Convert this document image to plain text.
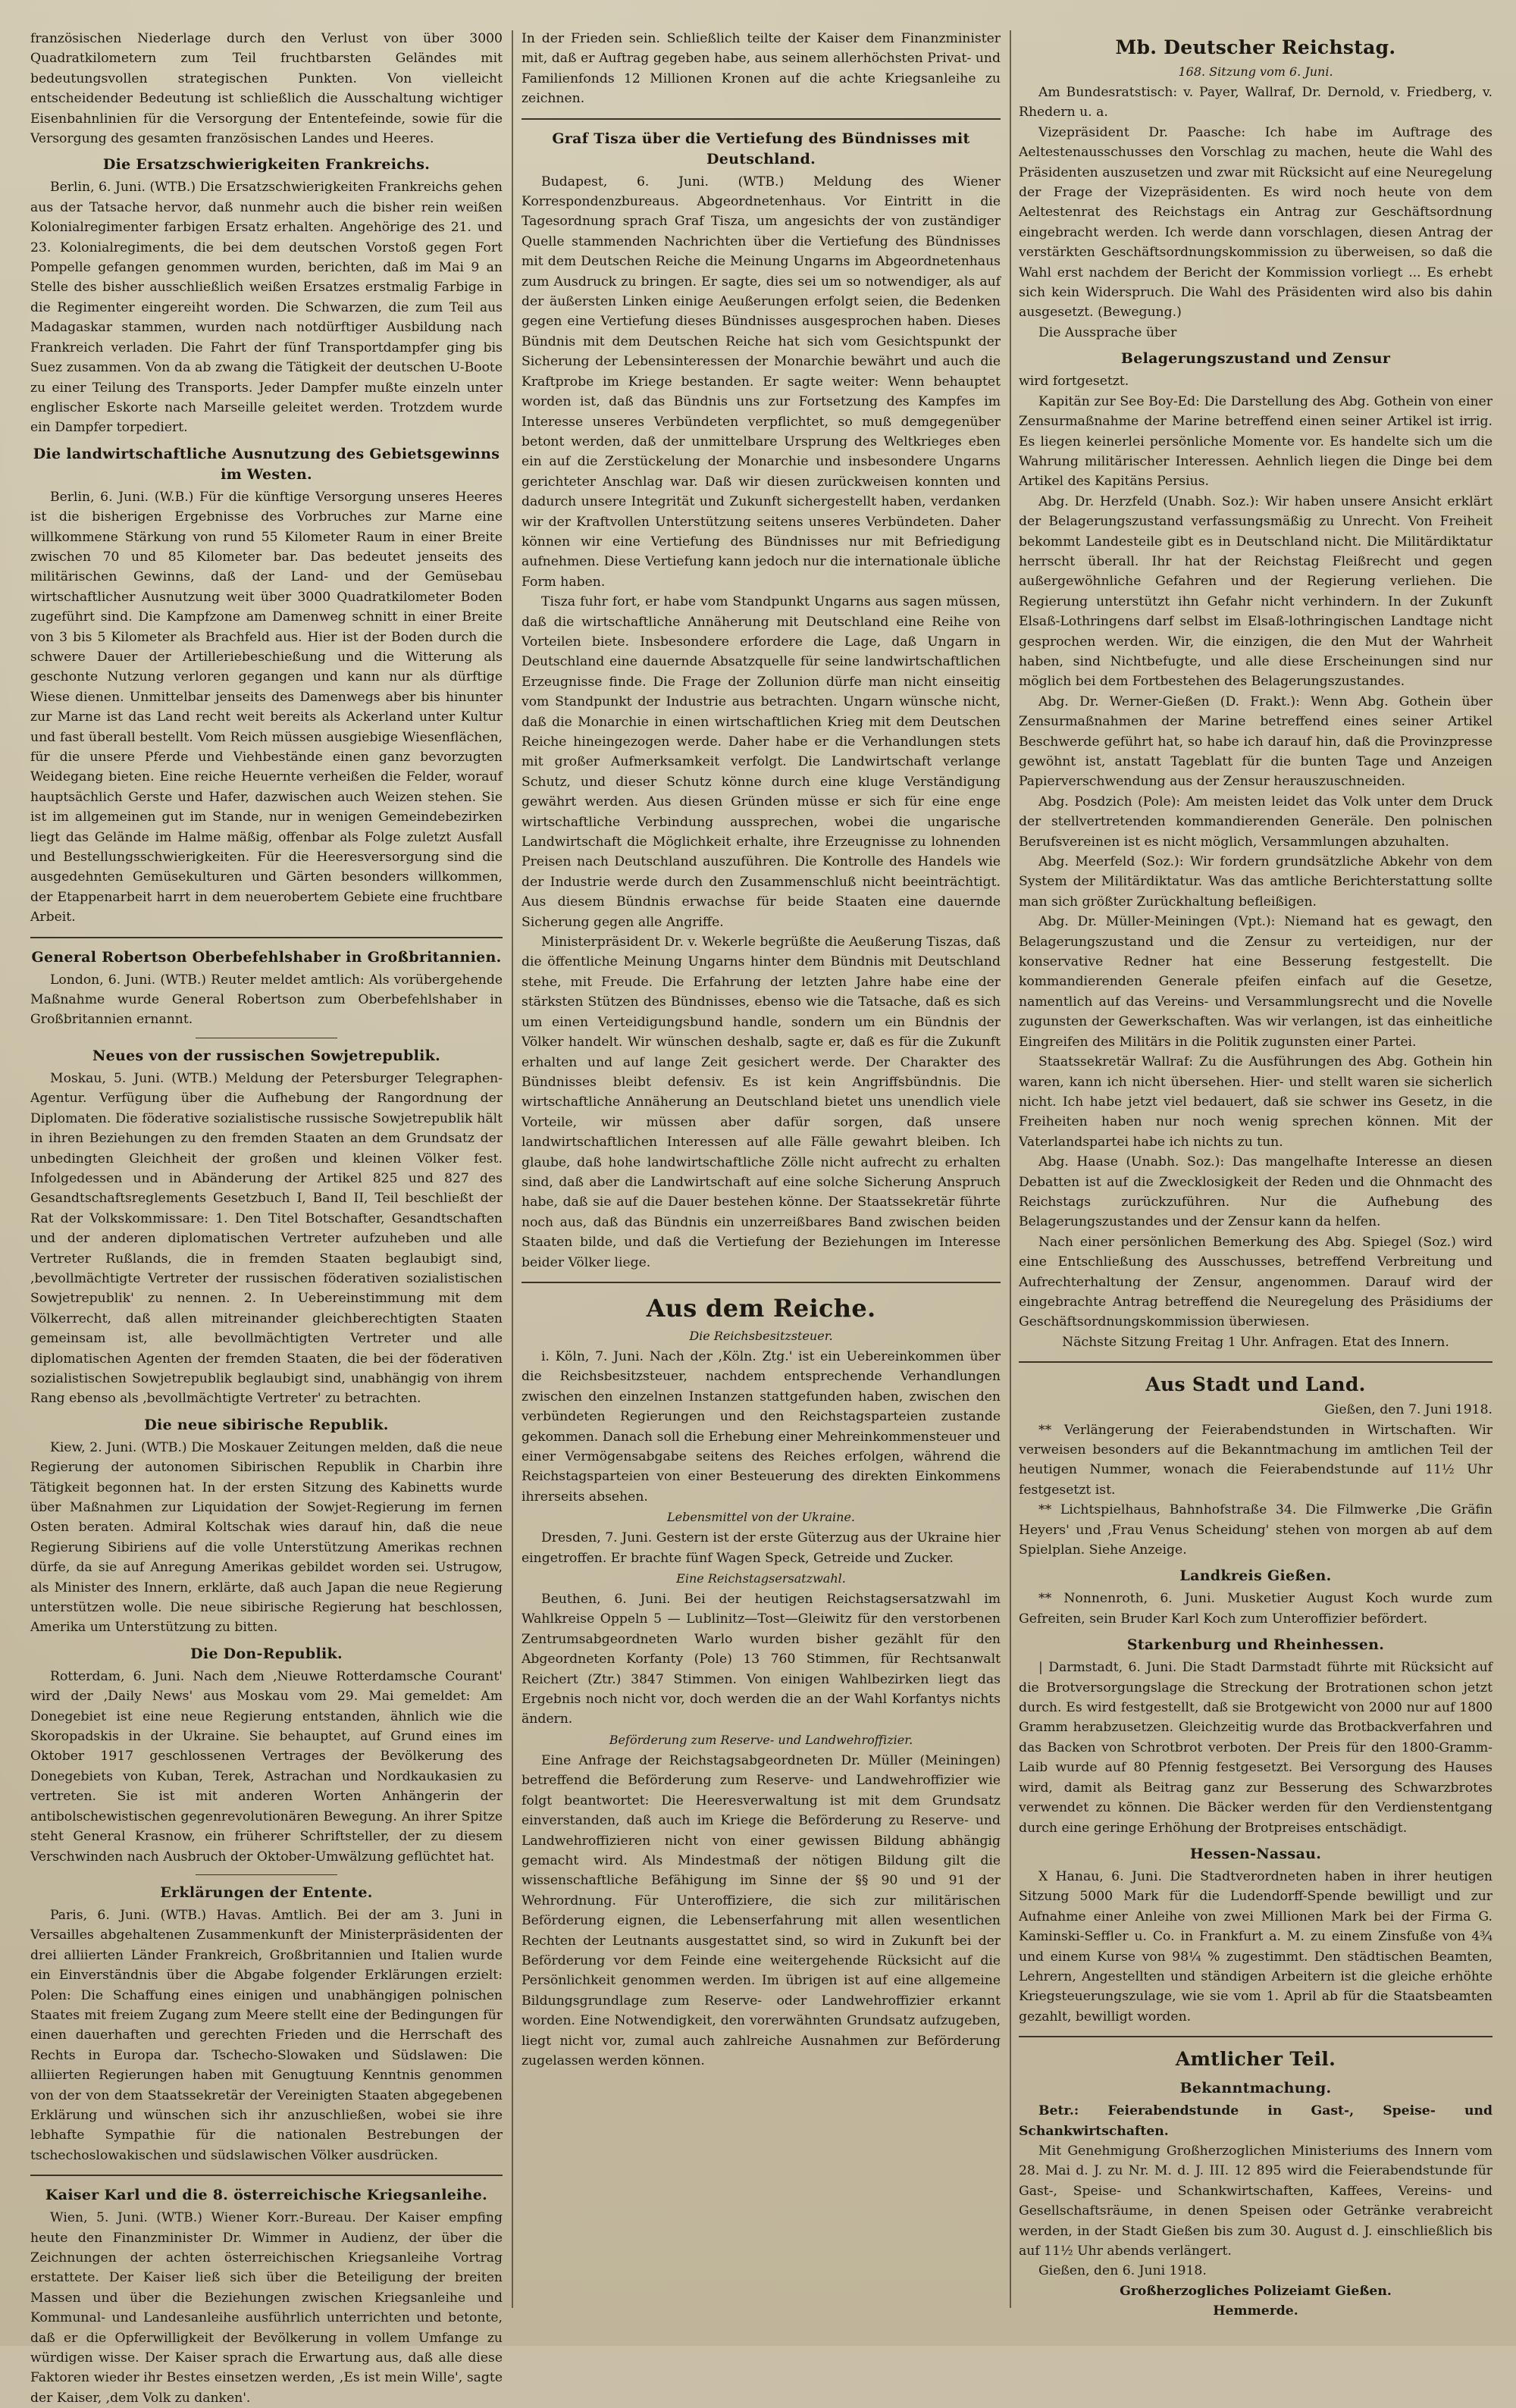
französischen Niederlage durch den Verlust von über 3000 Quadratkilometern zum Teil fruchtbarsten Geländes mit bedeutungsvollen strategischen Punkten. Von vielleicht entscheidender Bedeutung ist schließlich die Ausschaltung wichtiger Eisenbahnlinien für die Versorgung der Ententefeinde, sowie für die Versorgung des gesamten französischen Landes und Heeres.

Die Ersatzschwierigkeiten Frankreichs.

Berlin, 6. Juni. (WTB.) Die Ersatzschwierigkeiten Frankreichs gehen aus der Tatsache hervor, daß nunmehr auch die bisher rein weißen Kolonialregimenter farbigen Ersatz erhalten. Angehörige des 21. und 23. Kolonialregiments, die bei dem deutschen Vorstoß gegen Fort Pompelle gefangen genommen wurden, berichten, daß im Mai 9 an Stelle des bisher ausschließlich weißen Ersatzes erstmalig Farbige in die Regimenter eingereiht worden. Die Schwarzen, die zum Teil aus Madagaskar stammen, wurden nach notdürftiger Ausbildung nach Frankreich verladen. Die Fahrt der fünf Transportdampfer ging bis Suez zusammen. Von da ab zwang die Tätigkeit der deutschen U-Boote zu einer Teilung des Transports. Jeder Dampfer mußte einzeln unter englischer Eskorte nach Marseille geleitet werden. Trotzdem wurde ein Dampfer torpediert.

Die landwirtschaftliche Ausnutzung des Gebietsgewinns im Westen.

Berlin, 6. Juni. (W.B.) Für die künftige Versorgung unseres Heeres ist die bisherigen Ergebnisse des Vorbruches zur Marne eine willkommene Stärkung von rund 55 Kilometer Raum in einer Breite zwischen 70 und 85 Kilometer bar. Das bedeutet jenseits des militärischen Gewinns, daß der Land- und der Gemüsebau wirtschaftlicher Ausnutzung weit über 3000 Quadratkilometer Boden zugeführt sind. Die Kampfzone am Damenweg schnitt in einer Breite von 3 bis 5 Kilometer als Brachfeld aus. Hier ist der Boden durch die schwere Dauer der Artilleriebeschießung und die Witterung als geschonte Nutzung verloren gegangen und kann nur als dürftige Wiese dienen. Unmittelbar jenseits des Damenwegs aber bis hinunter zur Marne ist das Land recht weit bereits als Ackerland unter Kultur und fast überall bestellt. Vom Reich müssen ausgiebige Wiesenflächen, für die unsere Pferde und Viehbestände einen ganz bevorzugten Weidegang bieten. Eine reiche Heuernte verheißen die Felder, worauf hauptsächlich Gerste und Hafer, dazwischen auch Weizen stehen. Sie ist im allgemeinen gut im Stande, nur in wenigen Gemeindebezirken liegt das Gelände im Halme mäßig, offenbar als Folge zuletzt Ausfall und Bestellungsschwierigkeiten. Für die Heeresversorgung sind die ausgedehnten Gemüsekulturen und Gärten besonders willkommen, der Etappenarbeit harrt in dem neuerobertem Gebiete eine fruchtbare Arbeit.

General Robertson Oberbefehlshaber in Großbritannien.

London, 6. Juni. (WTB.) Reuter meldet amtlich: Als vorübergehende Maßnahme wurde General Robertson zum Oberbefehlshaber in Großbritannien ernannt.

Neues von der russischen Sowjetrepublik.

Moskau, 5. Juni. (WTB.) Meldung der Petersburger Telegraphen-Agentur. Verfügung über die Aufhebung der Rangordnung der Diplomaten. Die föderative sozialistische russische Sowjetrepublik hält in ihren Beziehungen zu den fremden Staaten an dem Grundsatz der unbedingten Gleichheit der großen und kleinen Völker fest. Infolgedessen und in Abänderung der Artikel 825 und 827 des Gesandtschaftsreglements Gesetzbuch I, Band II, Teil beschließt der Rat der Volkskommissare: 1. Den Titel Botschafter, Gesandtschaften und der anderen diplomatischen Vertreter aufzuheben und alle Vertreter Rußlands, die in fremden Staaten beglaubigt sind, ,bevollmächtigte Vertreter der russischen föderativen sozialistischen Sowjetrepublik' zu nennen. 2. In Uebereinstimmung mit dem Völkerrecht, daß allen mitreinander gleichberechtigten Staaten gemeinsam ist, alle bevollmächtigten Vertreter und alle diplomatischen Agenten der fremden Staaten, die bei der föderativen sozialistischen Sowjetrepublik beglaubigt sind, unabhängig von ihrem Rang ebenso als ,bevollmächtigte Vertreter' zu betrachten.

Die neue sibirische Republik.

Kiew, 2. Juni. (WTB.) Die Moskauer Zeitungen melden, daß die neue Regierung der autonomen Sibirischen Republik in Charbin ihre Tätigkeit begonnen hat. In der ersten Sitzung des Kabinetts wurde über Maßnahmen zur Liquidation der Sowjet-Regierung im fernen Osten beraten. Admiral Koltschak wies darauf hin, daß die neue Regierung Sibiriens auf die volle Unterstützung Amerikas rechnen dürfe, da sie auf Anregung Amerikas gebildet worden sei. Ustrugow, als Minister des Innern, erklärte, daß auch Japan die neue Regierung unterstützen wolle. Die neue sibirische Regierung hat beschlossen, Amerika um Unterstützung zu bitten.

Die Don-Republik.

Rotterdam, 6. Juni. Nach dem ,Nieuwe Rotterdamsche Courant' wird der ,Daily News' aus Moskau vom 29. Mai gemeldet: Am Donegebiet ist eine neue Regierung entstanden, ähnlich wie die Skoropadskis in der Ukraine. Sie behauptet, auf Grund eines im Oktober 1917 geschlossenen Vertrages der Bevölkerung des Donegebiets von Kuban, Terek, Astrachan und Nordkaukasien zu vertreten. Sie ist mit anderen Worten Anhängerin der antibolschewistischen gegenrevolutionären Bewegung. An ihrer Spitze steht General Krasnow, ein früherer Schriftsteller, der zu diesem Verschwinden nach Ausbruch der Oktober-Umwälzung geflüchtet hat.

Erklärungen der Entente.

Paris, 6. Juni. (WTB.) Havas. Amtlich. Bei der am 3. Juni in Versailles abgehaltenen Zusammenkunft der Ministerpräsidenten der drei alliierten Länder Frankreich, Großbritannien und Italien wurde ein Einverständnis über die Abgabe folgender Erklärungen erzielt: Polen: Die Schaffung eines einigen und unabhängigen polnischen Staates mit freiem Zugang zum Meere stellt eine der Bedingungen für einen dauerhaften und gerechten Frieden und die Herrschaft des Rechts in Europa dar. Tschecho-Slowaken und Südslawen: Die alliierten Regierungen haben mit Genugtuung Kenntnis genommen von der von dem Staatssekretär der Vereinigten Staaten abgegebenen Erklärung und wünschen sich ihr anzuschließen, wobei sie ihre lebhafte Sympathie für die nationalen Bestrebungen der tschechoslowakischen und südslawischen Völker ausdrücken.

Kaiser Karl und die 8. österreichische Kriegsanleihe.

Wien, 5. Juni. (WTB.) Wiener Korr.-Bureau. Der Kaiser empfing heute den Finanzminister Dr. Wimmer in Audienz, der über die Zeichnungen der achten österreichischen Kriegsanleihe Vortrag erstattete. Der Kaiser ließ sich über die Beteiligung der breiten Massen und über die Beziehungen zwischen Kriegsanleihe und Kommunal- und Landesanleihe ausführlich unterrichten und betonte, daß er die Opferwilligkeit der Bevölkerung in vollem Umfange zu würdigen wisse. Der Kaiser sprach die Erwartung aus, daß alle diese Faktoren wieder ihr Bestes einsetzen werden, ,Es ist mein Wille', sagte der Kaiser, ,dem Volk zu danken'.

In der Frieden sein. Schließlich teilte der Kaiser dem Finanzminister mit, daß er Auftrag gegeben habe, aus seinem allerhöchsten Privat- und Familienfonds 12 Millionen Kronen auf die achte Kriegsanleihe zu zeichnen.

Graf Tisza über die Vertiefung des Bündnisses mit Deutschland.

Budapest, 6. Juni. (WTB.) Meldung des Wiener Korrespondenzbureaus. Abgeordnetenhaus. Vor Eintritt in die Tagesordnung sprach Graf Tisza, um angesichts der von zuständiger Quelle stammenden Nachrichten über die Vertiefung des Bündnisses mit dem Deutschen Reiche die Meinung Ungarns im Abgeordnetenhaus zum Ausdruck zu bringen. Er sagte, dies sei um so notwendiger, als auf der äußersten Linken einige Aeußerungen erfolgt seien, die Bedenken gegen eine Vertiefung dieses Bündnisses ausgesprochen haben. Dieses Bündnis mit dem Deutschen Reiche hat sich vom Gesichtspunkt der Sicherung der Lebensinteressen der Monarchie bewährt und auch die Kraftprobe im Kriege bestanden. Er sagte weiter: Wenn behauptet worden ist, daß das Bündnis uns zur Fortsetzung des Kampfes im Interesse unseres Verbündeten verpflichtet, so muß demgegenüber betont werden, daß der unmittelbare Ursprung des Weltkrieges eben ein auf die Zerstückelung der Monarchie und insbesondere Ungarns gerichteter Anschlag war. Daß wir diesen zurückweisen konnten und dadurch unsere Integrität und Zukunft sichergestellt haben, verdanken wir der Kraftvollen Unterstützung seitens unseres Verbündeten. Daher können wir eine Vertiefung des Bündnisses nur mit Befriedigung aufnehmen. Diese Vertiefung kann jedoch nur die internationale übliche Form haben.

Tisza fuhr fort, er habe vom Standpunkt Ungarns aus sagen müssen, daß die wirtschaftliche Annäherung mit Deutschland eine Reihe von Vorteilen biete. Insbesondere erfordere die Lage, daß Ungarn in Deutschland eine dauernde Absatzquelle für seine landwirtschaftlichen Erzeugnisse finde. Die Frage der Zollunion dürfe man nicht einseitig vom Standpunkt der Industrie aus betrachten. Ungarn wünsche nicht, daß die Monarchie in einen wirtschaftlichen Krieg mit dem Deutschen Reiche hineingezogen werde. Daher habe er die Verhandlungen stets mit großer Aufmerksamkeit verfolgt. Die Landwirtschaft verlange Schutz, und dieser Schutz könne durch eine kluge Verständigung gewährt werden. Aus diesen Gründen müsse er sich für eine enge wirtschaftliche Verbindung aussprechen, wobei die ungarische Landwirtschaft die Möglichkeit erhalte, ihre Erzeugnisse zu lohnenden Preisen nach Deutschland auszuführen. Die Kontrolle des Handels wie der Industrie werde durch den Zusammenschluß nicht beeinträchtigt. Aus diesem Bündnis erwachse für beide Staaten eine dauernde Sicherung gegen alle Angriffe.

Ministerpräsident Dr. v. Wekerle begrüßte die Aeußerung Tiszas, daß die öffentliche Meinung Ungarns hinter dem Bündnis mit Deutschland stehe, mit Freude. Die Erfahrung der letzten Jahre habe eine der stärksten Stützen des Bündnisses, ebenso wie die Tatsache, daß es sich um einen Verteidigungsbund handle, sondern um ein Bündnis der Völker handelt. Wir wünschen deshalb, sagte er, daß es für die Zukunft erhalten und auf lange Zeit gesichert werde. Der Charakter des Bündnisses bleibt defensiv. Es ist kein Angriffsbündnis. Die wirtschaftliche Annäherung an Deutschland bietet uns unendlich viele Vorteile, wir müssen aber dafür sorgen, daß unsere landwirtschaftlichen Interessen auf alle Fälle gewahrt bleiben. Ich glaube, daß hohe landwirtschaftliche Zölle nicht aufrecht zu erhalten sind, daß aber die Landwirtschaft auf eine solche Sicherung Anspruch habe, daß sie auf die Dauer bestehen könne. Der Staatssekretär führte noch aus, daß das Bündnis ein unzerreißbares Band zwischen beiden Staaten bilde, und daß die Vertiefung der Beziehungen im Interesse beider Völker liege.

Aus dem Reiche.
Die Reichsbesitzsteuer.

i. Köln, 7. Juni. Nach der ,Köln. Ztg.' ist ein Uebereinkommen über die Reichsbesitzsteuer, nachdem entsprechende Verhandlungen zwischen den einzelnen Instanzen stattgefunden haben, zwischen den verbündeten Regierungen und den Reichstagsparteien zustande gekommen. Danach soll die Erhebung einer Mehreinkommensteuer und einer Vermögensabgabe seitens des Reiches erfolgen, während die Reichstagsparteien von einer Besteuerung des direkten Einkommens ihrerseits absehen.

Lebensmittel von der Ukraine.

Dresden, 7. Juni. Gestern ist der erste Güterzug aus der Ukraine hier eingetroffen. Er brachte fünf Wagen Speck, Getreide und Zucker.

Eine Reichstagsersatzwahl.

Beuthen, 6. Juni. Bei der heutigen Reichstagsersatzwahl im Wahlkreise Oppeln 5 — Lublinitz—Tost—Gleiwitz für den verstorbenen Zentrumsabgeordneten Warlo wurden bisher gezählt für den Abgeordneten Korfanty (Pole) 13 760 Stimmen, für Rechtsanwalt Reichert (Ztr.) 3847 Stimmen. Von einigen Wahlbezirken liegt das Ergebnis noch nicht vor, doch werden die an der Wahl Korfantys nichts ändern.

Beförderung zum Reserve- und Landwehroffizier.

Eine Anfrage der Reichstagsabgeordneten Dr. Müller (Meiningen) betreffend die Beförderung zum Reserve- und Landwehroffizier wie folgt beantwortet: Die Heeresverwaltung ist mit dem Grundsatz einverstanden, daß auch im Kriege die Beförderung zu Reserve- und Landwehroffizieren nicht von einer gewissen Bildung abhängig gemacht wird. Als Mindestmaß der nötigen Bildung gilt die wissenschaftliche Befähigung im Sinne der §§ 90 und 91 der Wehrordnung. Für Unteroffiziere, die sich zur militärischen Beförderung eignen, die Lebenserfahrung mit allen wesentlichen Rechten der Leutnants ausgestattet sind, so wird in Zukunft bei der Beförderung vor dem Feinde eine weitergehende Rücksicht auf die Persönlichkeit genommen werden. Im übrigen ist auf eine allgemeine Bildungsgrundlage zum Reserve- oder Landwehroffizier erkannt worden. Eine Notwendigkeit, den vorerwähnten Grundsatz aufzugeben, liegt nicht vor, zumal auch zahlreiche Ausnahmen zur Beförderung zugelassen werden können.

Mb. Deutscher Reichstag.
168. Sitzung vom 6. Juni.

Am Bundesratstisch: v. Payer, Wallraf, Dr. Dernold, v. Friedberg, v. Rhedern u. a.

Vizepräsident Dr. Paasche: Ich habe im Auftrage des Aeltestenausschusses den Vorschlag zu machen, heute die Wahl des Präsidenten auszusetzen und zwar mit Rücksicht auf eine Neuregelung der Frage der Vizepräsidenten. Es wird noch heute von dem Aeltestenrat des Reichstags ein Antrag zur Geschäftsordnung eingebracht werden. Ich werde dann vorschlagen, diesen Antrag der verstärkten Geschäftsordnungskommission zu überweisen, so daß die Wahl erst nachdem der Bericht der Kommission vorliegt ... Es erhebt sich kein Widerspruch. Die Wahl des Präsidenten wird also bis dahin ausgesetzt. (Bewegung.)

Die Aussprache über

Belagerungszustand und Zensur

wird fortgesetzt.

Kapitän zur See Boy-Ed: Die Darstellung des Abg. Gothein von einer Zensurmaßnahme der Marine betreffend einen seiner Artikel ist irrig. Es liegen keinerlei persönliche Momente vor. Es handelte sich um die Wahrung militärischer Interessen. Aehnlich liegen die Dinge bei dem Artikel des Kapitäns Persius.

Abg. Dr. Herzfeld (Unabh. Soz.): Wir haben unsere Ansicht erklärt der Belagerungszustand verfassungsmäßig zu Unrecht. Von Freiheit bekommt Landesteile gibt es in Deutschland nicht. Die Militärdiktatur herrscht überall. Ihr hat der Reichstag Fleißrecht und gegen außergewöhnliche Gefahren und der Regierung verliehen. Die Regierung unterstützt ihn Gefahr nicht verhindern. In der Zukunft Elsaß-Lothringens darf selbst im Elsaß-lothringischen Landtage nicht gesprochen werden. Wir, die einzigen, die den Mut der Wahrheit haben, sind Nichtbefugte, und alle diese Erscheinungen sind nur möglich bei dem Fortbestehen des Belagerungszustandes.

Abg. Dr. Werner-Gießen (D. Frakt.): Wenn Abg. Gothein über Zensurmaßnahmen der Marine betreffend eines seiner Artikel Beschwerde geführt hat, so habe ich darauf hin, daß die Provinzpresse gewöhnt ist, anstatt Tageblatt für die bunten Tage und Anzeigen Papierverschwendung aus der Zensur herauszuschneiden.

Abg. Posdzich (Pole): Am meisten leidet das Volk unter dem Druck der stellvertretenden kommandierenden Generäle. Den polnischen Berufsvereinen ist es nicht möglich, Versammlungen abzuhalten.

Abg. Meerfeld (Soz.): Wir fordern grundsätzliche Abkehr von dem System der Militärdiktatur. Was das amtliche Berichterstattung sollte man sich größter Zurückhaltung befleißigen.

Abg. Dr. Müller-Meiningen (Vpt.): Niemand hat es gewagt, den Belagerungszustand und die Zensur zu verteidigen, nur der konservative Redner hat eine Besserung festgestellt. Die kommandierenden Generale pfeifen einfach auf die Gesetze, namentlich auf das Vereins- und Versammlungsrecht und die Novelle zugunsten der Gewerkschaften. Was wir verlangen, ist das einheitliche Eingreifen des Militärs in die Politik zugunsten einer Partei.

Staatssekretär Wallraf: Zu die Ausführungen des Abg. Gothein hin waren, kann ich nicht übersehen. Hier- und stellt waren sie sicherlich nicht. Ich habe jetzt viel bedauert, daß sie schwer ins Gesetz, in die Freiheiten haben nur noch wenig sprechen können. Mit der Vaterlandspartei habe ich nichts zu tun.

Abg. Haase (Unabh. Soz.): Das mangelhafte Interesse an diesen Debatten ist auf die Zwecklosigkeit der Reden und die Ohnmacht des Reichstags zurückzuführen. Nur die Aufhebung des Belagerungszustandes und der Zensur kann da helfen.

Nach einer persönlichen Bemerkung des Abg. Spiegel (Soz.) wird eine Entschließung des Ausschusses, betreffend Verbreitung und Aufrechterhaltung der Zensur, angenommen. Darauf wird der eingebrachte Antrag betreffend die Neuregelung des Präsidiums der Geschäftsordnungskommission überwiesen.

Nächste Sitzung Freitag 1 Uhr. Anfragen. Etat des Innern.

Aus Stadt und Land.
Gießen, den 7. Juni 1918.

** Verlängerung der Feierabendstunden in Wirtschaften. Wir verweisen besonders auf die Bekanntmachung im amtlichen Teil der heutigen Nummer, wonach die Feierabendstunde auf 11½ Uhr festgesetzt ist.

** Lichtspielhaus, Bahnhofstraße 34. Die Filmwerke ,Die Gräfin Heyers' und ,Frau Venus Scheidung' stehen von morgen ab auf dem Spielplan. Siehe Anzeige.

Landkreis Gießen.

** Nonnenroth, 6. Juni. Musketier August Koch wurde zum Gefreiten, sein Bruder Karl Koch zum Unteroffizier befördert.

Starkenburg und Rheinhessen.

| Darmstadt, 6. Juni. Die Stadt Darmstadt führte mit Rücksicht auf die Brotversorgungslage die Streckung der Brotrationen schon jetzt durch. Es wird festgestellt, daß sie Brotgewicht von 2000 nur auf 1800 Gramm herabzusetzen. Gleichzeitig wurde das Brotbackverfahren und das Backen von Schrotbrot verboten. Der Preis für den 1800-Gramm-Laib wurde auf 80 Pfennig festgesetzt. Bei Versorgung des Hauses wird, damit als Beitrag ganz zur Besserung des Schwarzbrotes verwendet zu können. Die Bäcker werden für den Verdienstentgang durch eine geringe Erhöhung der Brotpreises entschädigt.

Hessen-Nassau.

X Hanau, 6. Juni. Die Stadtverordneten haben in ihrer heutigen Sitzung 5000 Mark für die Ludendorff-Spende bewilligt und zur Aufnahme einer Anleihe von zwei Millionen Mark bei der Firma G. Kaminski-Seffler u. Co. in Frankfurt a. M. zu einem Zinsfuße von 4¾ und einem Kurse von 98¼ % zugestimmt. Den städtischen Beamten, Lehrern, Angestellten und ständigen Arbeitern ist die gleiche erhöhte Kriegsteuerungszulage, wie sie vom 1. April ab für die Staatsbeamten gezahlt, bewilligt worden.

Amtlicher Teil.
Bekanntmachung.

Betr.: Feierabendstunde in Gast-, Speise- und Schankwirtschaften.

Mit Genehmigung Großherzoglichen Ministeriums des Innern vom 28. Mai d. J. zu Nr. M. d. J. III. 12 895 wird die Feierabendstunde für Gast-, Speise- und Schankwirtschaften, Kaffees, Vereins- und Gesellschaftsräume, in denen Speisen oder Getränke verabreicht werden, in der Stadt Gießen bis zum 30. August d. J. einschließlich bis auf 11½ Uhr abends verlängert.

Gießen, den 6. Juni 1918.

Großherzogliches Polizeiamt Gießen.

Hemmerde.
